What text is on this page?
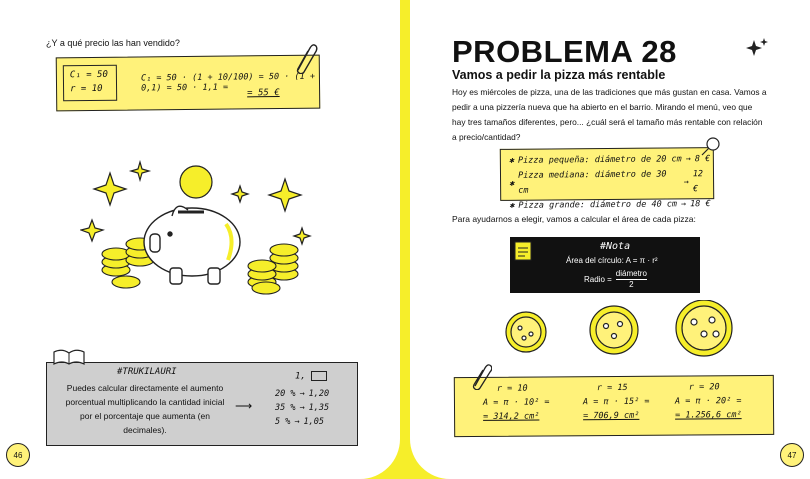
¿Y a qué precio las han vendido?
C₁ = 50
r = 10
C₁ = 50 · (1 + 10/100) = 50 · (1 + 0,1) = 50 · 1,1 =	= 55 €
#TRUKILAURI
Puedes calcular directamente el aumento porcentual multiplicando la cantidad inicial por el porcentaje que aumenta (en decimales).
⟶
1,
20 % → 1,20
35 % → 1,35
5 % → 1,05
46
PROBLEMA 28
Vamos a pedir la pizza más rentable
Hoy es miércoles de pizza, una de las tradiciones que más gustan en casa. Vamos a pedir a una pizzería nueva que ha abierto en el barrio. Mirando el menú, veo que hay tres tamaños diferentes, pero... ¿cuál será el tamaño más rentable con relación a precio/cantidad?
✱ Pizza pequeña: diámetro de 20 cm → 8 €
✱
Pizza mediana: diámetro de 30 cm
→
12 €
✱ Pizza grande: diámetro de 40 cm → 18 €
Para ayudarnos a elegir, vamos a calcular el área de cada pizza:
#Nota
Área del círculo: A = π · r²
Radio =
diámetro
2
r = 10
A = π · 10² =
= 314,2 cm²
r = 15
A = π · 15² =
= 706,9 cm²
r = 20
A = π · 20² =
= 1.256,6 cm²
47
